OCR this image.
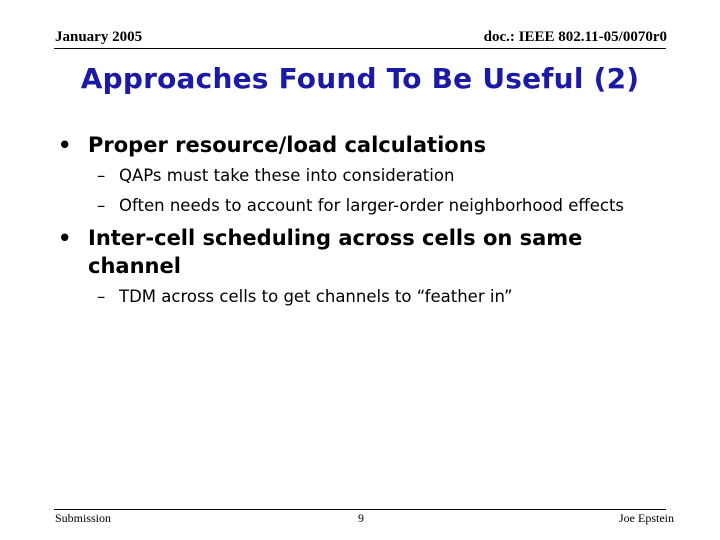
January 2005	doc.: IEEE 802.11-05/0070r0
Approaches Found To Be Useful (2)
• Proper resource/load calculations
– QAPs must take these into consideration
– Often needs to account for larger-order neighborhood effects
• Inter-cell scheduling across cells on same channel
– TDM across cells to get channels to “feather in”
Submission	9	Joe Epstein
